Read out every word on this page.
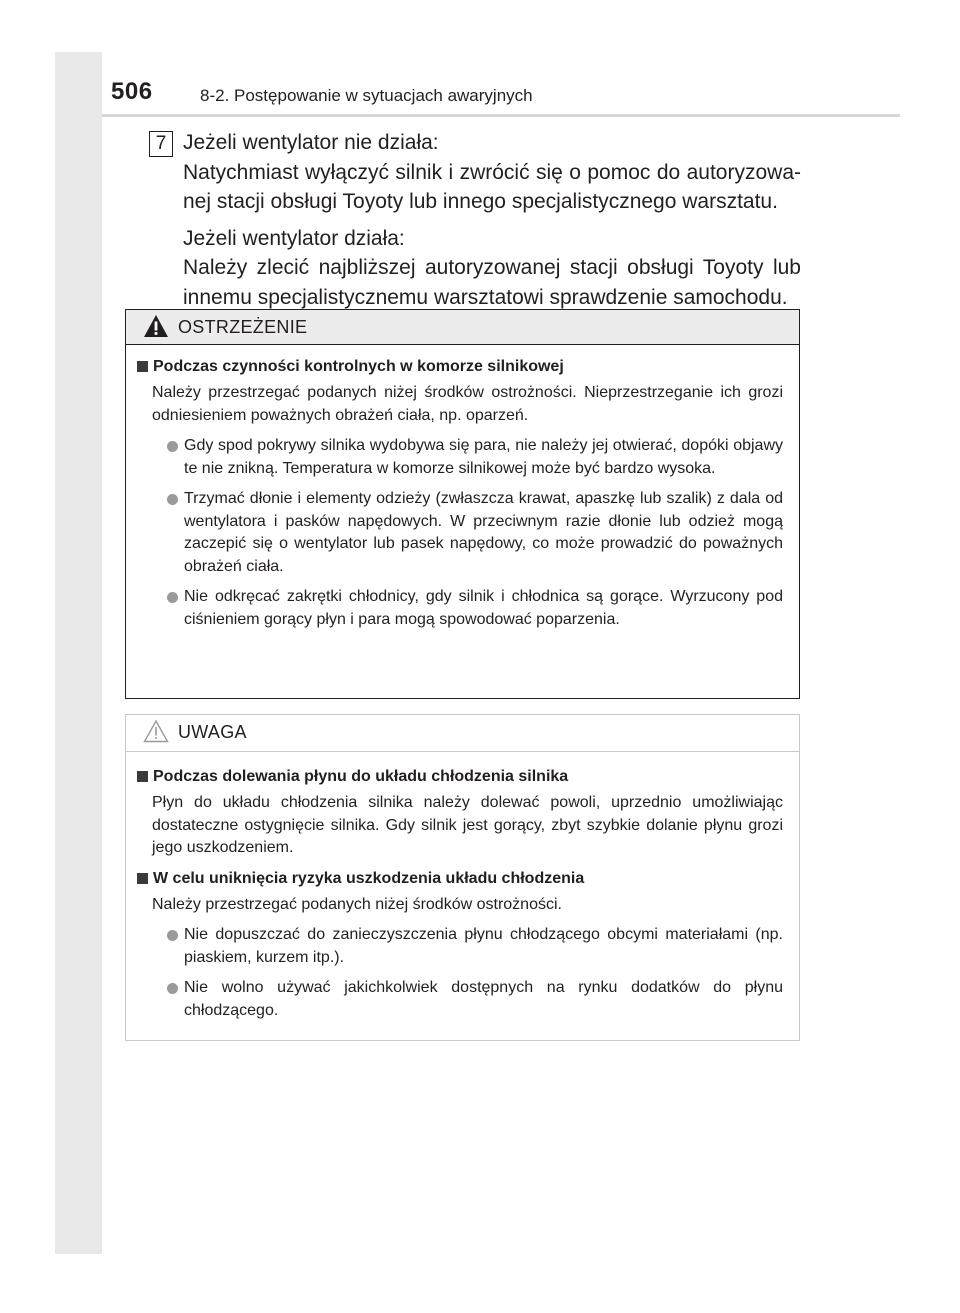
506	8-2. Postępowanie w sytuacjach awaryjnych
7 Jeżeli wentylator nie działa:
Natychmiast wyłączyć silnik i zwrócić się o pomoc do autoryzowanej stacji obsługi Toyoty lub innego specjalistycznego warsztatu.

Jeżeli wentylator działa:
Należy zlecić najbliższej autoryzowanej stacji obsługi Toyoty lub innemu specjalistycznemu warsztatowi sprawdzenie samochodu.

OSTRZEŻENIE
Podczas czynności kontrolnych w komorze silnikowej
Należy przestrzegać podanych niżej środków ostrożności. Nieprzestrzeganie ich grozi odniesieniem poważnych obrażeń ciała, np. oparzeń.
Gdy spod pokrywy silnika wydobywa się para, nie należy jej otwierać, dopóki objawy te nie znikną. Temperatura w komorze silnikowej może być bardzo wysoka.
Trzymać dłonie i elementy odzieży (zwłaszcza krawat, apaszkę lub szalik) z dala od wentylatora i pasków napędowych. W przeciwnym razie dłonie lub odzież mogą zaczepić się o wentylator lub pasek napędowy, co może prowadzić do poważnych obrażeń ciała.
Nie odkręcać zakrętki chłodnicy, gdy silnik i chłodnica są gorące. Wyrzucony pod ciśnieniem gorący płyn i para mogą spowodować poparzenia.
UWAGA
Podczas dolewania płynu do układu chłodzenia silnika
Płyn do układu chłodzenia silnika należy dolewać powoli, uprzednio umożliwiając dostateczne ostygnięcie silnika. Gdy silnik jest gorący, zbyt szybkie dolanie płynu grozi jego uszkodzeniem.
W celu uniknięcia ryzyka uszkodzenia układu chłodzenia
Należy przestrzegać podanych niżej środków ostrożności.
Nie dopuszczać do zanieczyszczenia płynu chłodzącego obcymi materiałami (np. piaskiem, kurzem itp.).
Nie wolno używać jakichkolwiek dostępnych na rynku dodatków do płynu chłodzącego.
